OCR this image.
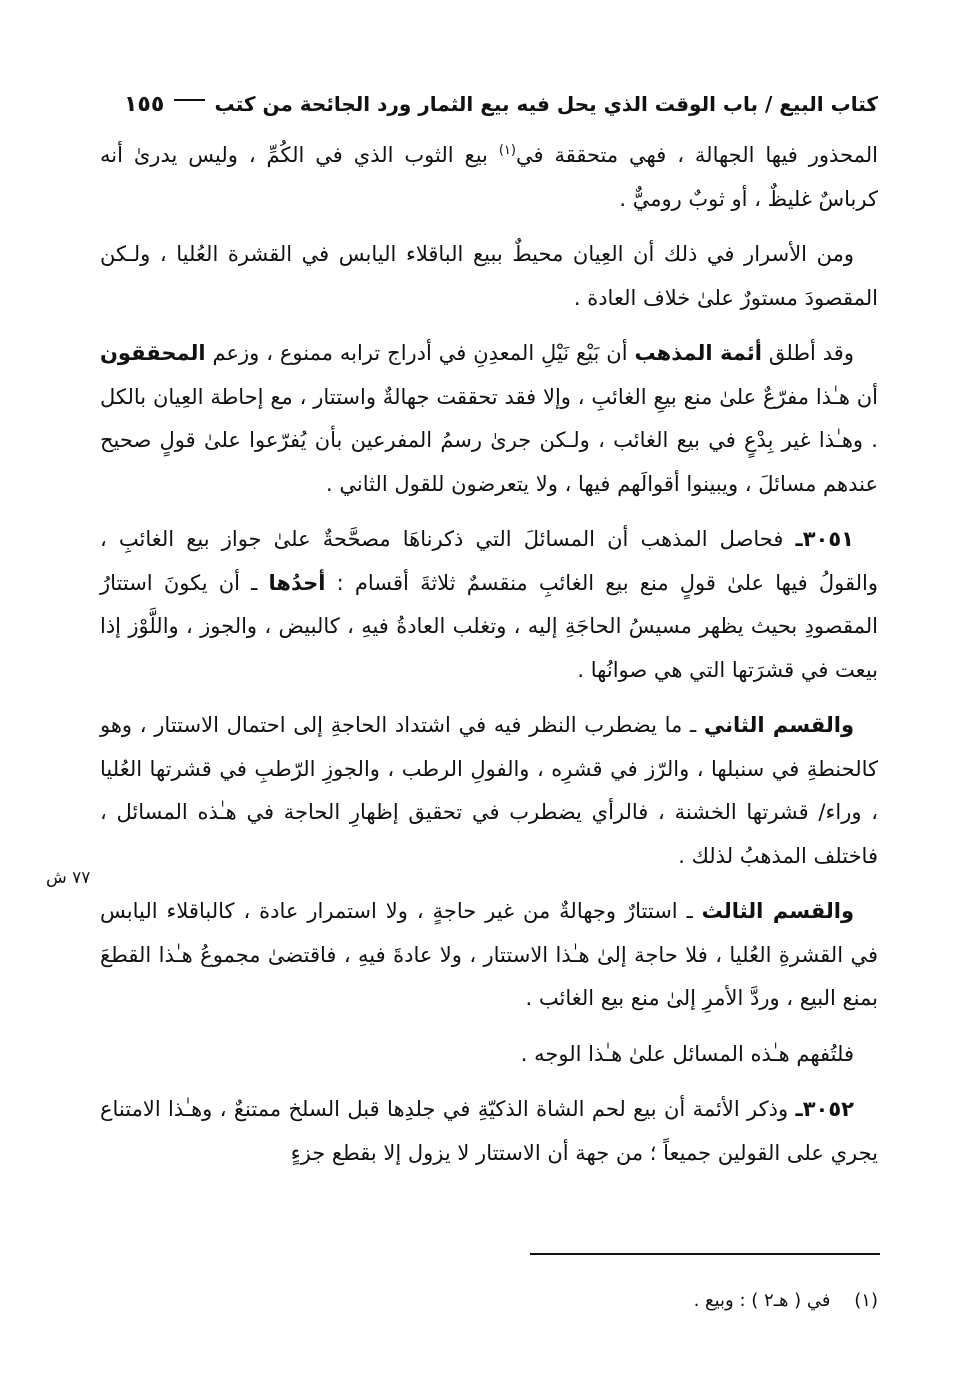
كتاب البيع / باب الوقت الذي يحل فيه بيع الثمار ورد الجائحة من كتب
١٥٥

المحذور فيها الجهالة ، فهي متحققة في$^{(١)}$ بيع الثوب الذي في الكُمِّ ، وليس يدرىٰ أنه كرباسٌ غليظٌ ، أو ثوبٌ روميٌّ .

ومن الأسرار في ذلك أن العِيان محيطٌ ببيع الباقلاء اليابس في القشرة العُليا ، ولـكن المقصودَ مستورٌ علىٰ خلاف العادة .

وقد أطلق أئمة المذهب أن بَيْع نَيْلِ المعدِنِ في أدراج ترابه ممنوع ، وزعم المحققون أن هـٰذا مفرّعٌ علىٰ منع بيعِ الغائبِ ، وإلا فقد تحققت جهالةٌ واستتار ، مع إحاطة العِيان بالكل . وهـٰذا غير بِدْعٍ في بيع الغائب ، ولـكن جرىٰ رسمُ المفرعين بأن يُفرّعوا علىٰ قولٍ صحيح عندهم مسائلَ ، ويبينوا أقوالَهم فيها ، ولا يتعرضون للقول الثاني .

٣٠٥١ـ فحاصل المذهب أن المسائلَ التي ذكرناهَا مصحَّحةٌ علىٰ جواز بيع الغائبِ ، والقولُ فيها علىٰ قولٍ منع بيع الغائبِ منقسمٌ ثلاثةَ أقسام : أحدُها ـ أن يكونَ استتارُ المقصودِ بحيث يظهر مسيسُ الحاجَةِ إليه ، وتغلب العادةُ فيهِ ، كالبيض ، والجوز ، واللَّوْز إذا بيعت في قشرَتها التي هي صوانُها .

والقسم الثاني ـ ما يضطرب النظر فيه في اشتداد الحاجةِ إلى احتمال الاستتار ، وهو كالحنطةِ في سنبلها ، والرّز في قشرِه ، والفولِ الرطب ، والجوزِ الرّطبِ في قشرتها العُليا ، وراء/ قشرتها الخشنة ، فالرأي يضطرب في تحقيق إظهارِ الحاجة في هـٰذه المسائل ، فاختلف المذهبُ لذلك .

والقسم الثالث ـ استتارٌ وجهالةٌ من غير حاجةٍ ، ولا استمرار عادة ، كالباقلاء اليابس في القشرةِ العُليا ، فلا حاجة إلىٰ هـٰذا الاستتار ، ولا عادةَ فيهِ ، فاقتضىٰ مجموعُ هـٰذا القطعَ بمنع البيع ، وردَّ الأمرِ إلىٰ منع بيع الغائب .

فلتُفهم هـٰذه المسائل علىٰ هـٰذا الوجه .

٣٠٥٢ـ وذكر الأئمة أن بيع لحم الشاة الذكيّةِ في جلدِها قبل السلخ ممتنعٌ ، وهـٰذا الامتناع يجري على القولين جميعاً ؛ من جهة أن الاستتار لا يزول إلا بقطع جزءٍ

٧٧ ش
(١) في ( هـ٢ ) : وبيع .
